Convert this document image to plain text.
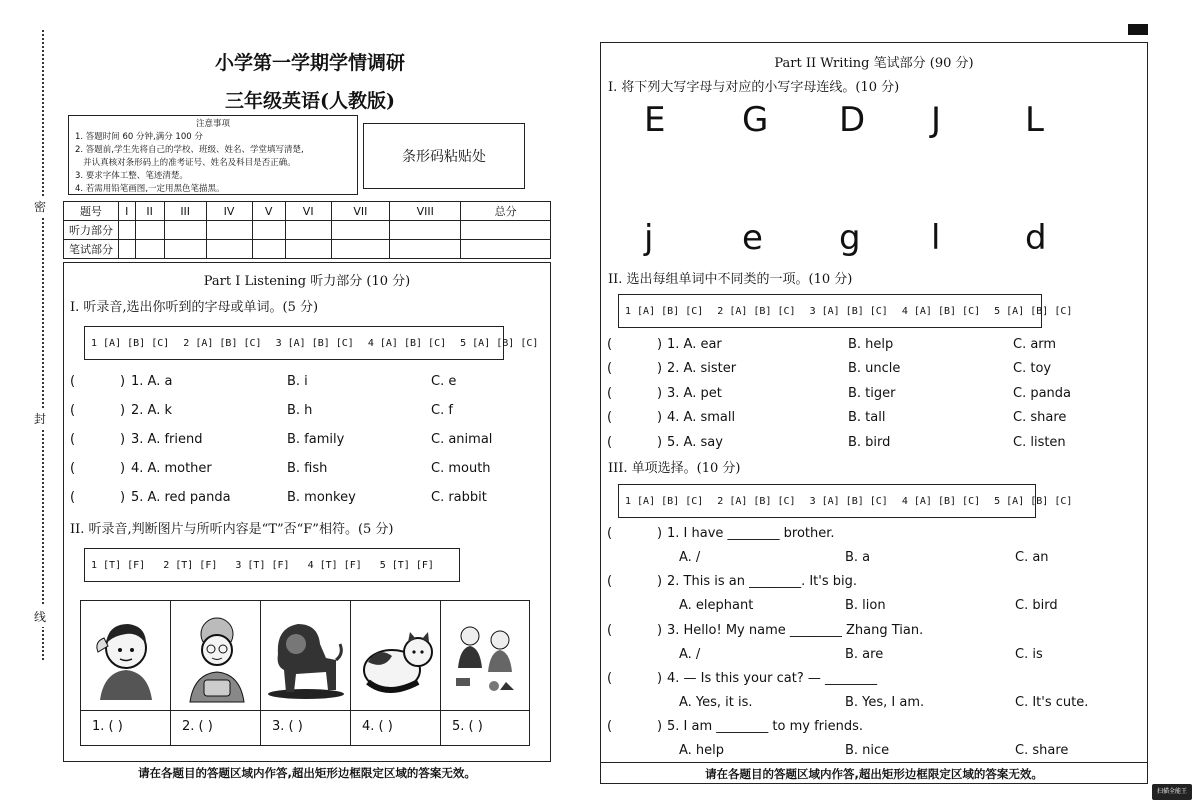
密
封
线
小学第一学期学情调研
三年级英语(人教版)
注意事项
1. 答题时间 60 分钟,满分 100 分
2. 答题前,学生先将自己的学校、班级、姓名、学堂填写清楚,
并认真核对条形码上的准考证号、姓名及科目是否正确。
3. 要求字体工整、笔迹清楚。
4. 若需用铅笔画图,一定用黑色笔描黑。
条形码粘贴处
题号	I	II	III	IV	V	VI	VII	VIII	总分
听力部分									
笔试部分									
Part I Listening 听力部分 (10 分)
I. 听录音,选出你听到的字母或单词。(5 分)
1 [A] [B] [C] 2 [A] [B] [C] 3 [A] [B] [C] 4 [A] [B] [C] 5 [A] [B] [C]
(	) 1. A. a	B. i	C. e
(	) 2. A. k	B. h	C. f
(	) 3. A. friend	B. family	C. animal
(	) 4. A. mother	B. fish	C. mouth
(	) 5. A. red panda	B. monkey	C. rabbit
II. 听录音,判断图片与所听内容是“T”否“F”相符。(5 分)
1 [T] [F] 2 [T] [F] 3 [T] [F] 4 [T] [F] 5 [T] [F]
1. ( )	2. ( )	3. ( )	4. ( )	5. ( )
请在各题目的答题区域内作答,超出矩形边框限定区域的答案无效。
Part II Writing 笔试部分 (90 分)
I. 将下列大写字母与对应的小写字母连线。(10 分)
E
j
G
e
D
g
J
l
L
d
II. 选出每组单词中不同类的一项。(10 分)
1 [A] [B] [C] 2 [A] [B] [C] 3 [A] [B] [C] 4 [A] [B] [C] 5 [A] [B] [C]
(	) 1. A. ear	B. help	C. arm
(	) 2. A. sister	B. uncle	C. toy
(	) 3. A. pet	B. tiger	C. panda
(	) 4. A. small	B. tall	C. share
(	) 5. A. say	B. bird	C. listen
III. 单项选择。(10 分)
1 [A] [B] [C] 2 [A] [B] [C] 3 [A] [B] [C] 4 [A] [B] [C] 5 [A] [B] [C]
(	) 1. I have ________ brother.
A. /	B. a	C. an
(	) 2. This is an ________. It's big.
A. elephant	B. lion	C. bird
(	) 3. Hello! My name ________ Zhang Tian.
A. /	B. are	C. is
(	) 4. — Is this your cat? — ________
A. Yes, it is.	B. Yes, I am.	C. It's cute.
(	) 5. I am ________ to my friends.
A. help	B. nice	C. share
请在各题目的答题区域内作答,超出矩形边框限定区域的答案无效。
扫描全能王
